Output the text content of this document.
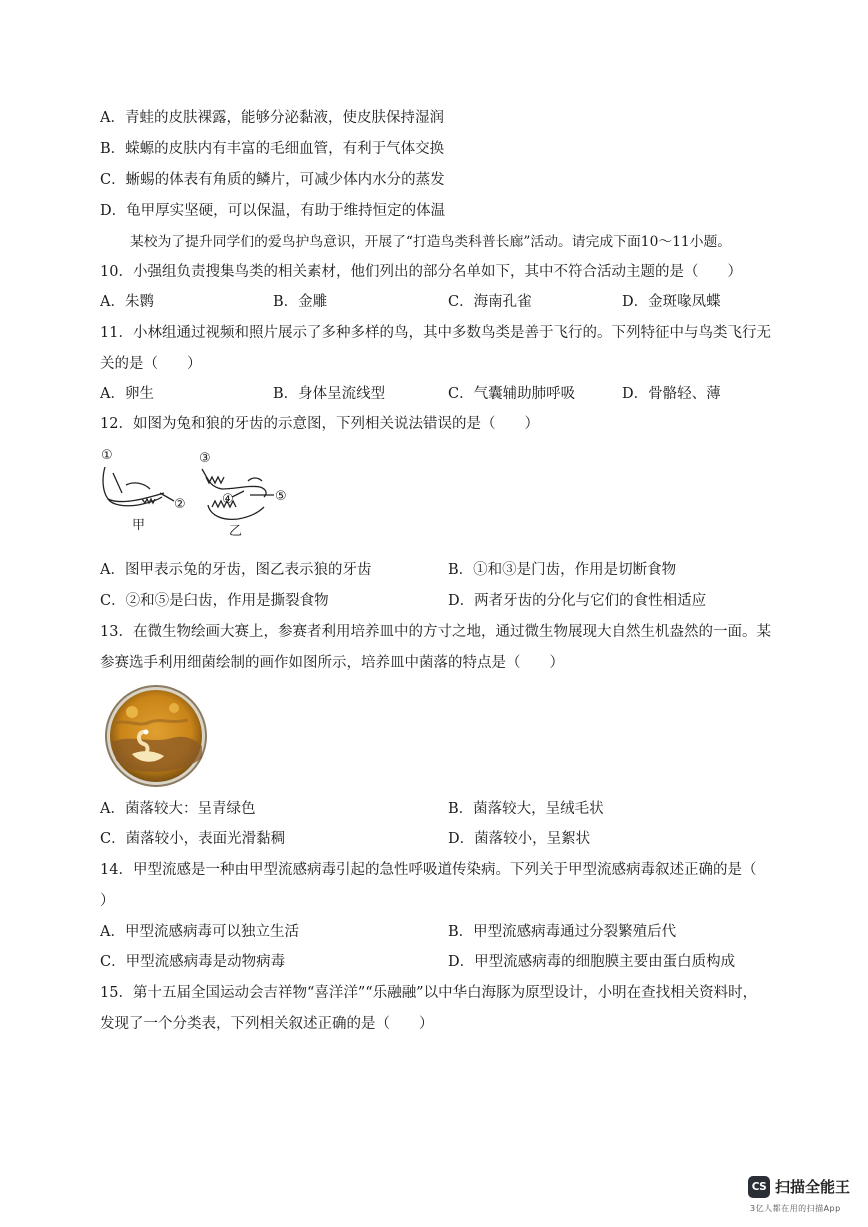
A．青蛙的皮肤裸露，能够分泌黏液，使皮肤保持湿润
B．蝾螈的皮肤内有丰富的毛细血管，有利于气体交换
C．蜥蜴的体表有角质的鳞片，可减少体内水分的蒸发
D．龟甲厚实坚硬，可以保温，有助于维持恒定的体温
某校为了提升同学们的爱鸟护鸟意识，开展了“打造鸟类科普长廊”活动。请完成下面10～11小题。
10．小强组负责搜集鸟类的相关素材，他们列出的部分名单如下，其中不符合活动主题的是（　　）
A．朱鹮	B．金雕	C．海南孔雀	D．金斑喙凤蝶
11．小林组通过视频和照片展示了多种多样的鸟，其中多数鸟类是善于飞行的。下列特征中与鸟类飞行无
关的是（　　）
A．卵生	B．身体呈流线型	C．气囊辅助肺呼吸	D．骨骼轻、薄
12．如图为兔和狼的牙齿的示意图，下列相关说法错误的是（　　）
①
②
③
④	⑤
甲	乙
A．图甲表示兔的牙齿，图乙表示狼的牙齿	B．①和③是门齿，作用是切断食物
C．②和⑤是臼齿，作用是撕裂食物	D．两者牙齿的分化与它们的食性相适应
13．在微生物绘画大赛上，参赛者利用培养皿中的方寸之地，通过微生物展现大自然生机盎然的一面。某
参赛选手利用细菌绘制的画作如图所示，培养皿中菌落的特点是（　　）
A．菌落较大：呈青绿色	B．菌落较大，呈绒毛状
C．菌落较小，表面光滑黏稠	D．菌落较小，呈絮状
14．甲型流感是一种由甲型流感病毒引起的急性呼吸道传染病。下列关于甲型流感病毒叙述正确的是（
）
A．甲型流感病毒可以独立生活	B．甲型流感病毒通过分裂繁殖后代
C．甲型流感病毒是动物病毒	D．甲型流感病毒的细胞膜主要由蛋白质构成
15．第十五届全国运动会吉祥物“喜洋洋”“乐融融”以中华白海豚为原型设计，小明在查找相关资料时，
发现了一个分类表，下列相关叙述正确的是（　　）
CS 扫描全能王
3亿人都在用的扫描App
